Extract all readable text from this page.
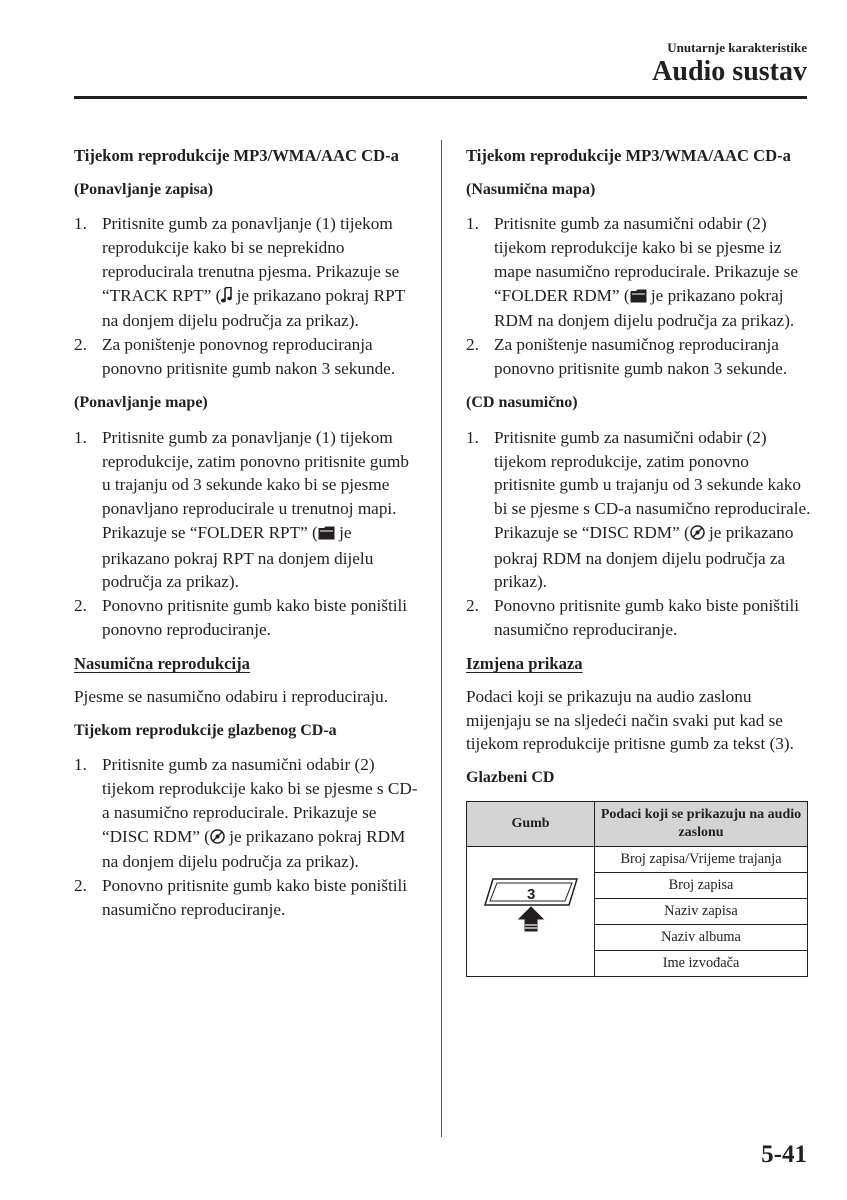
Unutarnje karakteristike
Audio sustav
Tijekom reprodukcije MP3/WMA/AAC CD-a
(Ponavljanje zapisa)
1. Pritisnite gumb za ponavljanje (1) tijekom reprodukcije kako bi se neprekidno reproducirala trenutna pjesma. Prikazuje se “TRACK RPT” ( je prikazano pokraj RPT na donjem dijelu područja za prikaz).
2. Za poništenje ponovnog reproduciranja ponovno pritisnite gumb nakon 3 sekunde.
(Ponavljanje mape)
1. Pritisnite gumb za ponavljanje (1) tijekom reprodukcije, zatim ponovno pritisnite gumb u trajanju od 3 sekunde kako bi se pjesme ponavljano reproducirale u trenutnoj mapi. Prikazuje se “FOLDER RPT” ( je prikazano pokraj RPT na donjem dijelu područja za prikaz).
2. Ponovno pritisnite gumb kako biste poništili ponovno reproduciranje.
Nasumična reprodukcija
Pjesme se nasumično odabiru i reproduciraju.
Tijekom reprodukcije glazbenog CD-a
1. Pritisnite gumb za nasumični odabir (2) tijekom reprodukcije kako bi se pjesme s CD-a nasumično reproducirale. Prikazuje se “DISC RDM” ( je prikazano pokraj RDM na donjem dijelu područja za prikaz).
2. Ponovno pritisnite gumb kako biste poništili nasumično reproduciranje.
Tijekom reprodukcije MP3/WMA/AAC CD-a
(Nasumična mapa)
1. Pritisnite gumb za nasumični odabir (2) tijekom reprodukcije kako bi se pjesme iz mape nasumično reproducirale. Prikazuje se “FOLDER RDM” ( je prikazano pokraj RDM na donjem dijelu područja za prikaz).
2. Za poništenje nasumičnog reproduciranja ponovno pritisnite gumb nakon 3 sekunde.
(CD nasumično)
1. Pritisnite gumb za nasumični odabir (2) tijekom reprodukcije, zatim ponovno pritisnite gumb u trajanju od 3 sekunde kako bi se pjesme s CD-a nasumično reproducirale. Prikazuje se “DISC RDM” ( je prikazano pokraj RDM na donjem dijelu područja za prikaz).
2. Ponovno pritisnite gumb kako biste poništili nasumično reproduciranje.
Izmjena prikaza
Podaci koji se prikazuju na audio zaslonu mijenjaju se na sljedeći način svaki put kad se tijekom reprodukcije pritisne gumb za tekst (3).
Glazbeni CD
Gumb	Podaci koji se prikazuju na audio zaslonu

3	Broj zapisa/Vrijeme trajanja
	Broj zapisa
	Naziv zapisa
	Naziv albuma
	Ime izvođača
5-41
